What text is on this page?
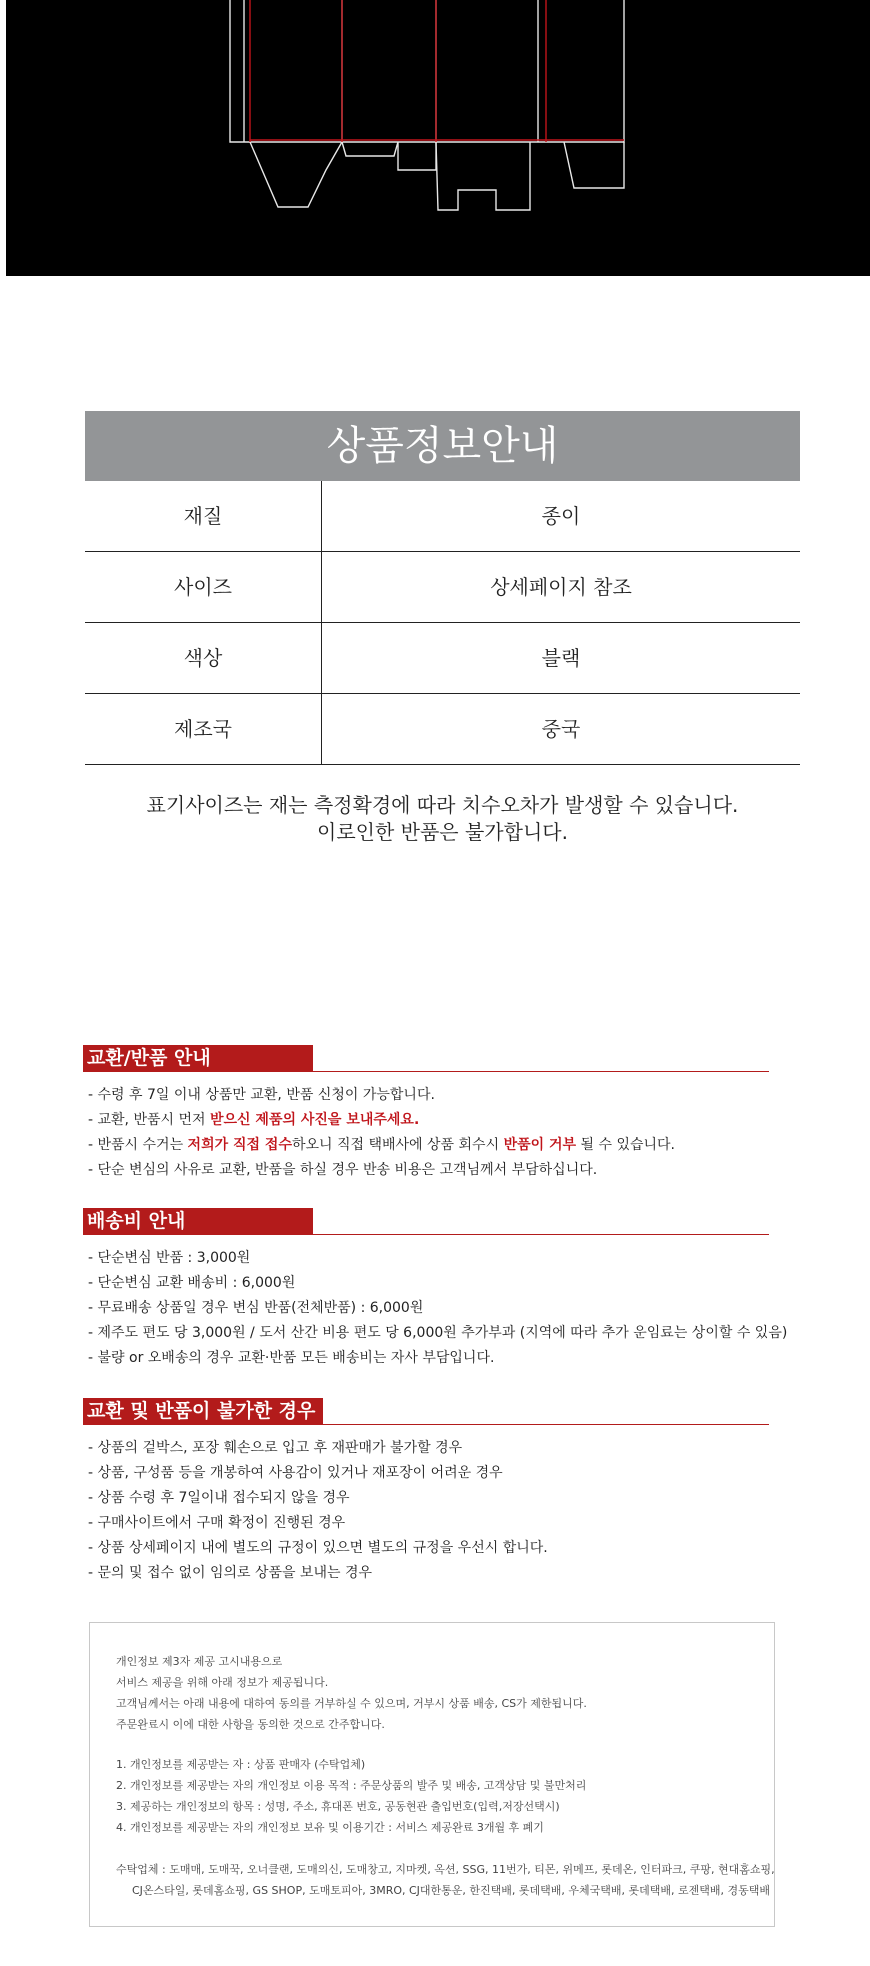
상품정보안내
재질	종이
사이즈	상세페이지 참조
색상	블랙
제조국	중국
표기사이즈는 재는 측정확경에 따라 치수오차가 발생할 수 있습니다.
이로인한 반품은 불가합니다.
교환/반품 안내
- 수령 후 7일 이내 상품만 교환, 반품 신청이 가능합니다.
- 교환, 반품시 먼저 받으신 제품의 사진을 보내주세요.
- 반품시 수거는 저희가 직접 접수하오니 직접 택배사에 상품 회수시 반품이 거부 될 수 있습니다.
- 단순 변심의 사유로 교환, 반품을 하실 경우 반송 비용은 고객님께서 부담하십니다.
배송비 안내
- 단순변심 반품 : 3,000원
- 단순변심 교환 배송비 : 6,000원
- 무료배송 상품일 경우 변심 반품(전체반품) : 6,000원
- 제주도 편도 당 3,000원 / 도서 산간 비용 편도 당 6,000원 추가부과 (지역에 따라 추가 운임료는 상이할 수 있음)
- 불량 or 오배송의 경우 교환·반품 모든 배송비는 자사 부담입니다.
교환 및 반품이 불가한 경우
- 상품의 겉박스, 포장 훼손으로 입고 후 재판매가 불가할 경우
- 상품, 구성품 등을 개봉하여 사용감이 있거나 재포장이 어려운 경우
- 상품 수령 후 7일이내 접수되지 않을 경우
- 구매사이트에서 구매 확정이 진행된 경우
- 상품 상세페이지 내에 별도의 규정이 있으면 별도의 규정을 우선시 합니다.
- 문의 및 접수 없이 임의로 상품을 보내는 경우

개인정보 제3자 제공 고시내용으로

서비스 제공을 위해 아래 정보가 제공됩니다.

고객님께서는 아래 내용에 대하여 동의를 거부하실 수 있으며, 거부시 상품 배송, CS가 제한됩니다.

주문완료시 이에 대한 사항을 동의한 것으로 간주합니다.

1. 개인정보를 제공받는 자 : 상품 판매자 (수탁업체)

2. 개인정보를 제공받는 자의 개인정보 이용 목적 : 주문상품의 발주 및 배송, 고객상담 및 불만처리

3. 제공하는 개인정보의 항목 : 성명, 주소, 휴대폰 번호, 공동현관 출입번호(입력,저장선택시)

4. 개인정보를 제공받는 자의 개인정보 보유 및 이용기간 : 서비스 제공완료 3개월 후 폐기

수탁업체 : 도매매, 도매꾹, 오너클랜, 도매의신, 도매창고, 지마켓, 옥션, SSG, 11번가, 티몬, 위메프, 롯데온, 인터파크, 쿠팡, 현대홈쇼핑,

CJ온스타일, 롯데홈쇼핑, GS SHOP, 도매토피아, 3MRO, CJ대한통운, 한진택배, 롯데택배, 우체국택배, 롯데택배, 로젠택배, 경동택배
